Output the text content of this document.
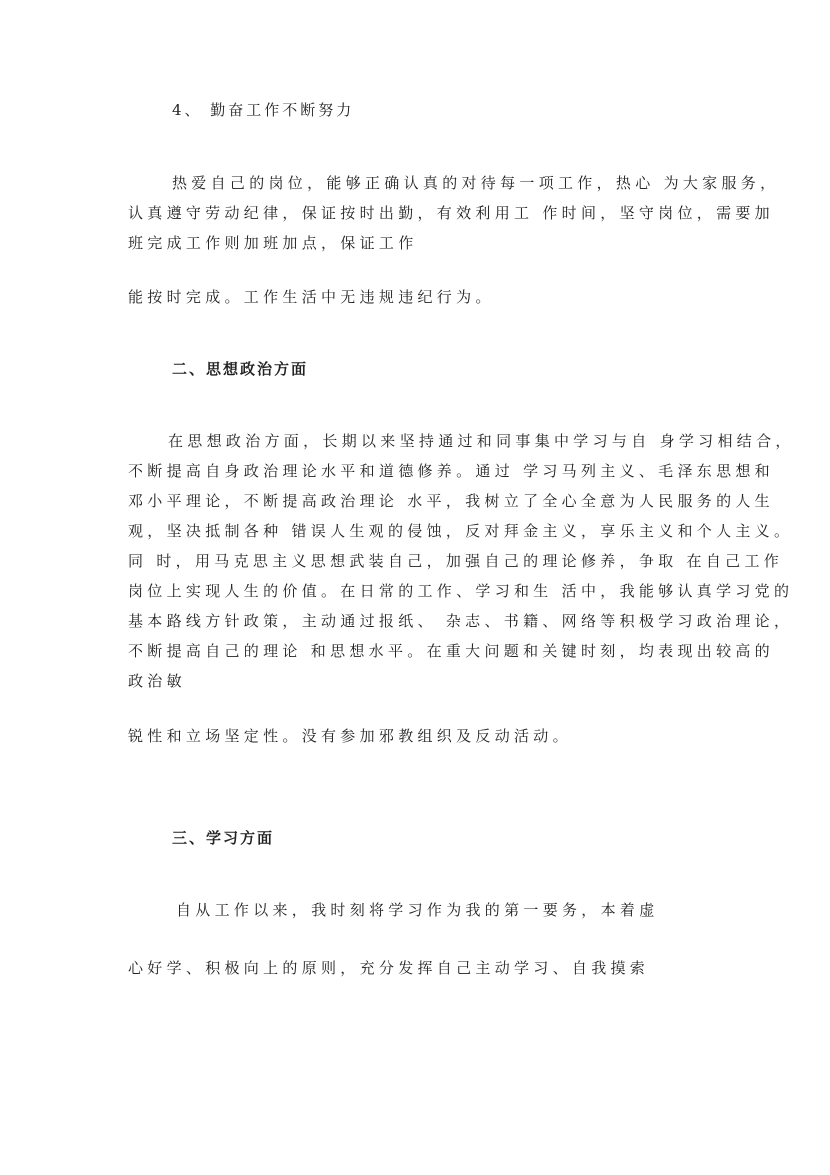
4、 勤奋工作不断努力
热爱自己的岗位，能够正确认真的对待每一项工作，热心 为大家服务，
认真遵守劳动纪律，保证按时出勤，有效利用工 作时间，坚守岗位，需要加
班完成工作则加班加点，保证工作
能按时完成。工作生活中无违规违纪行为。
二、思想政治方面
在思想政治方面，长期以来坚持通过和同事集中学习与自 身学习相结合，
不断提高自身政治理论水平和道德修养。通过 学习马列主义、毛泽东思想和
邓小平理论，不断提高政治理论 水平，我树立了全心全意为人民服务的人生
观，坚决抵制各种 错误人生观的侵蚀，反对拜金主义，享乐主义和个人主义。
同 时，用马克思主义思想武装自己，加强自己的理论修养，争取 在自己工作
岗位上实现人生的价值。在日常的工作、学习和生 活中，我能够认真学习党的
基本路线方针政策，主动通过报纸、 杂志、书籍、网络等积极学习政治理论，
不断提高自己的理论 和思想水平。在重大问题和关键时刻，均表现出较高的
政治敏
锐性和立场坚定性。没有参加邪教组织及反动活动。
三、学习方面
自从工作以来，我时刻将学习作为我的第一要务，本着虚
心好学、积极向上的原则，充分发挥自己主动学习、自我摸索
